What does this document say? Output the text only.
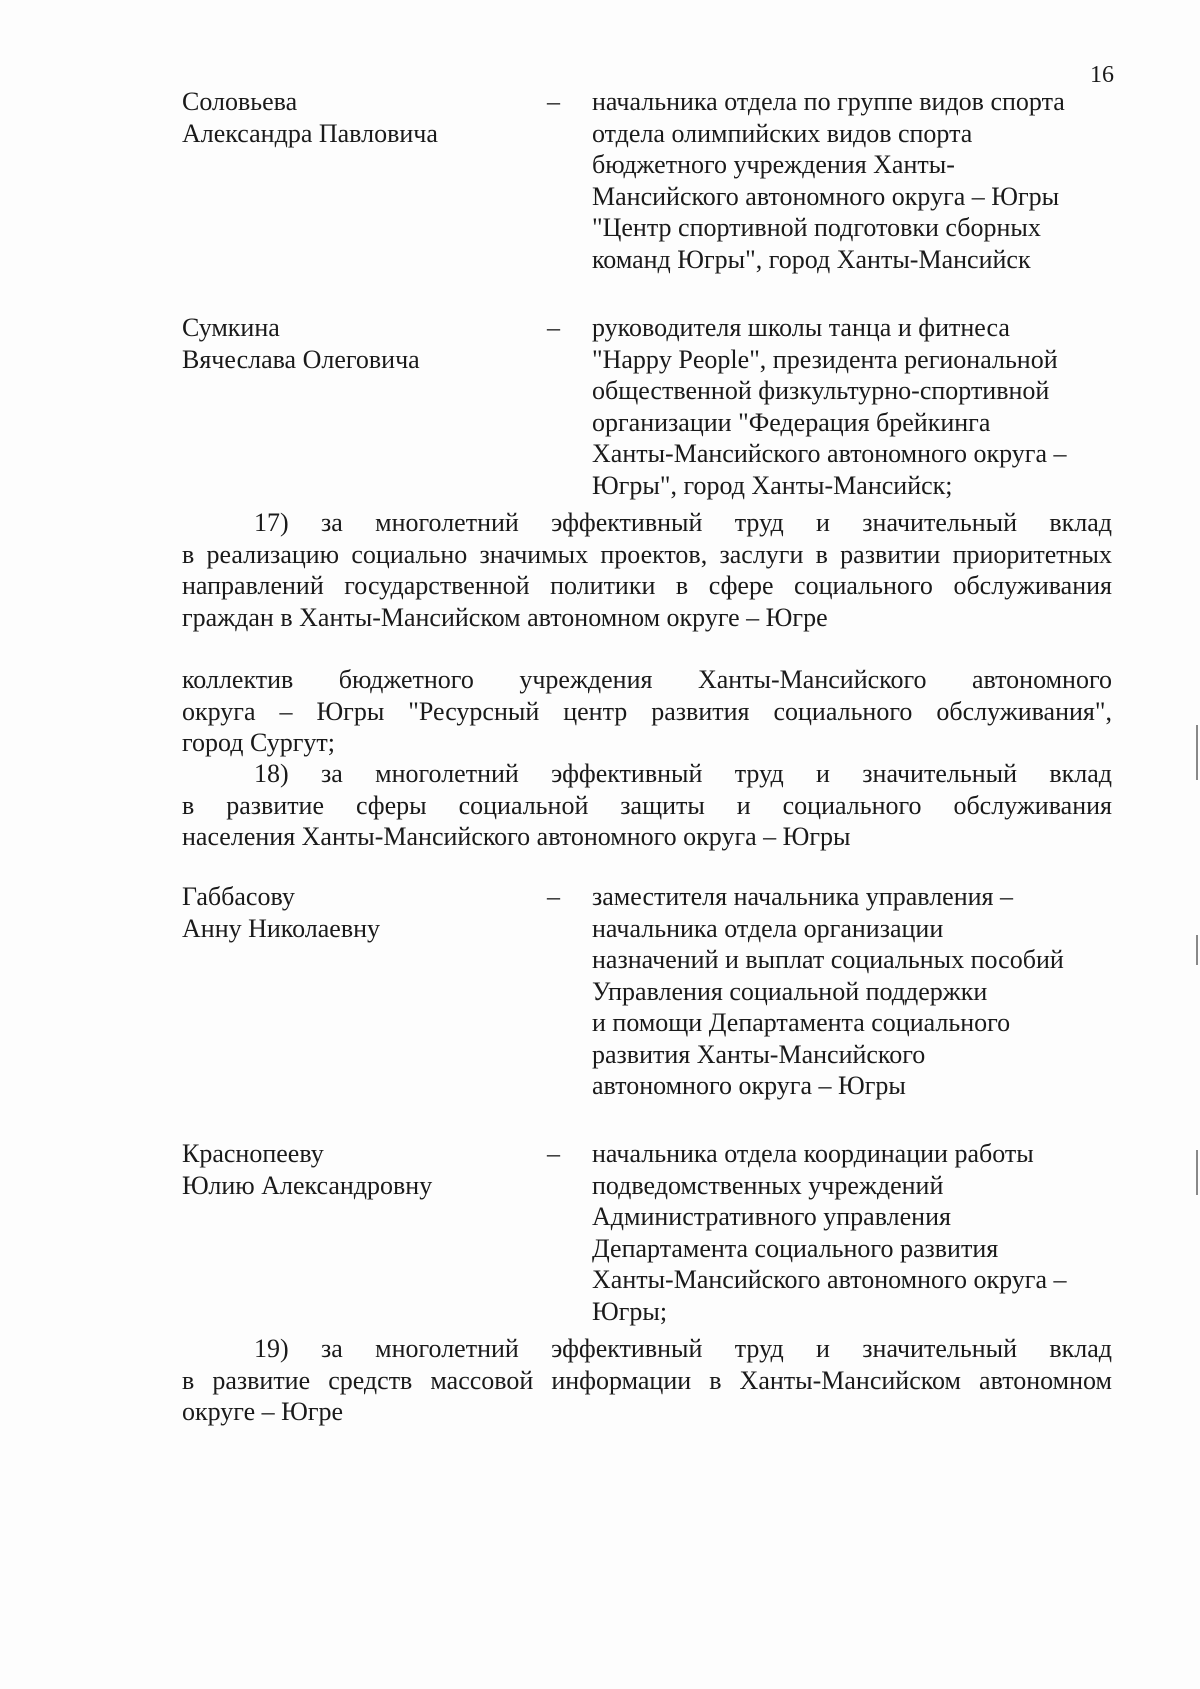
16
Соловьева
Александра Павловича
– начальника отдела по группе видов спорта
отдела олимпийских видов спорта
бюджетного учреждения Ханты-
Мансийского автономного округа – Югры
"Центр спортивной подготовки сборных
команд Югры", город Ханты-Мансийск
Сумкина
Вячеслава Олеговича
– руководителя школы танца и фитнеса
"Happy People", президента региональной
общественной физкультурно-спортивной
организации "Федерация брейкинга
Ханты-Мансийского автономного округа –
Югры", город Ханты-Мансийск;
17) за многолетний эффективный труд и значительный вклад
в реализацию социально значимых проектов, заслуги в развитии приоритетных
направлений государственной политики в сфере социального обслуживания
граждан в Ханты-Мансийском автономном округе – Югре
коллектив бюджетного учреждения Ханты-Мансийского автономного
округа – Югры "Ресурсный центр развития социального обслуживания",
город Сургут;
18) за многолетний эффективный труд и значительный вклад
в развитие сферы социальной защиты и социального обслуживания
населения Ханты-Мансийского автономного округа – Югры
Габбасову
Анну Николаевну
– заместителя начальника управления –
начальника отдела организации
назначений и выплат социальных пособий
Управления социальной поддержки
и помощи Департамента социального
развития Ханты-Мансийского
автономного округа – Югры
Краснопееву
Юлию Александровну
– начальника отдела координации работы
подведомственных учреждений
Административного управления
Департамента социального развития
Ханты-Мансийского автономного округа –
Югры;
19) за многолетний эффективный труд и значительный вклад
в развитие средств массовой информации в Ханты-Мансийском автономном
округе – Югре
